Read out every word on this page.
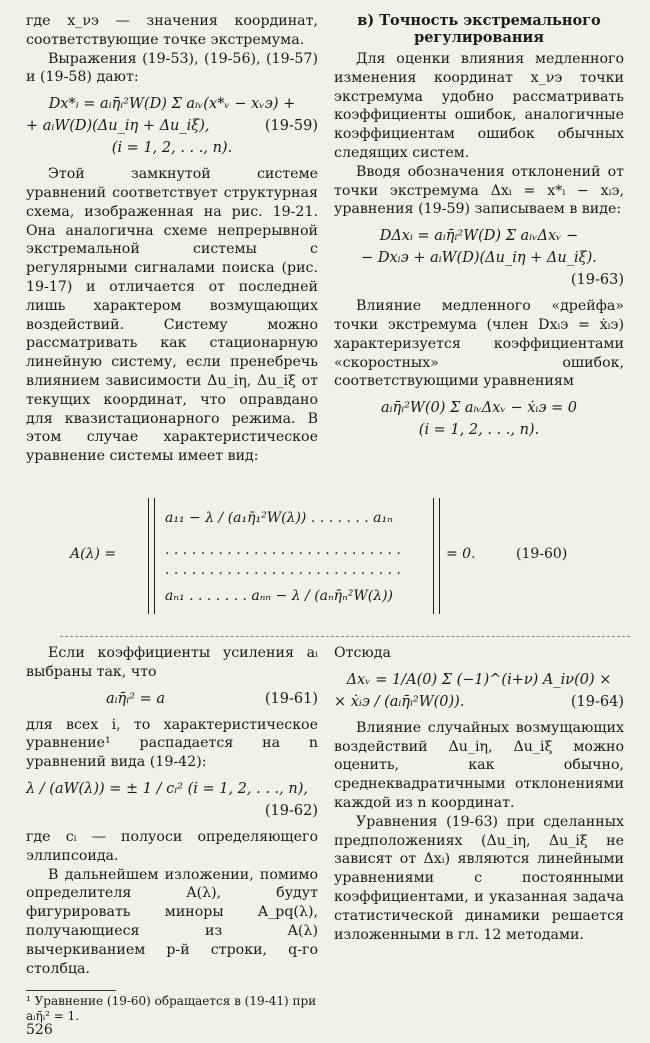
где x_νэ — значения координат, соответствующие точке экстремума.

Выражения (19-53), (19-56), (19-57) и (19-58) дают:

Dx*ᵢ = aᵢη̄ᵢ²W(D) Σ aᵢᵥ(x*ᵥ − xᵥэ) +
+ aᵢW(D)(Δu_iη + Δu_iξ),	(19-59)
(i = 1, 2, . . ., n).

Этой замкнутой системе уравнений соответствует структурная схема, изображенная на рис. 19-21. Она аналогична схеме непрерывной экстремальной системы с регулярными сигналами поиска (рис. 19-17) и отличается от последней лишь характером возмущающих воздействий. Систему можно рассматривать как стационарную линейную систему, если пренебречь влиянием зависимости Δu_iη, Δu_iξ от текущих координат, что оправдано для квазистационарного режима. В этом случае характеристическое уравнение системы имеет вид:

в) Точность экстремального регулирования

Для оценки влияния медленного изменения координат x_νэ точки экстремума удобно рассматривать коэффициенты ошибок, аналогичные коэффициентам ошибок обычных следящих систем.

Вводя обозначения отклонений от точки экстремума Δxᵢ = x*ᵢ − xᵢэ, уравнения (19-59) записываем в виде:

DΔxᵢ = aᵢη̄ᵢ²W(D) Σ aᵢᵥΔxᵥ −
− Dxᵢэ + aᵢW(D)(Δu_iη + Δu_iξ).
(19-63)

Влияние медленного «дрейфа» точки экстремума (член Dxᵢэ = ẋᵢэ) характеризуется коэффициентами «скоростных» ошибок, соответствующими уравнениям

aᵢη̄ᵢ²W(0) Σ aᵢᵥΔxᵥ − ẋᵢэ = 0
(i = 1, 2, . . ., n).
A(λ) =
a₁₁ − λ / (a₁η̄₁²W(λ)) . . . . . . . a₁ₙ
. . . . . . . . . . . . . . . . . . . . . . . . . . .
. . . . . . . . . . . . . . . . . . . . . . . . . . .
aₙ₁ . . . . . . . aₙₙ − λ / (aₙη̄ₙ²W(λ))
= 0.	(19-60)

Если коэффициенты усиления aᵢ выбраны так, что

aᵢη̄ᵢ² = a	(19-61)

для всех i, то характеристическое уравнение¹ распадается на n уравнений вида (19-42):

λ / (aW(λ)) = ± 1 / cᵢ² (i = 1, 2, . . ., n),
(19-62)

где cᵢ — полуоси определяющего эллипсоида.

В дальнейшем изложении, помимо определителя A(λ), будут фигурировать миноры A_pq(λ), получающиеся из A(λ) вычеркиванием p-й строки, q-го столбца.

Отсюда

Δxᵥ = 1/A(0) Σ (−1)^(i+ν) A_iν(0) ×
× ẋᵢэ / (aᵢη̄ᵢ²W(0)).	(19-64)

Влияние случайных возмущающих воздействий Δu_iη, Δu_iξ можно оценить, как обычно, среднеквадратичными отклонениями каждой из n координат.

Уравнения (19-63) при сделанных предположениях (Δu_iη, Δu_iξ не зависят от Δxᵢ) являются линейными уравнениями с постоянными коэффициентами, и указанная задача статистической динамики решается изложенными в гл. 12 методами.

¹ Уравнение (19-60) обращается в (19-41) при aᵢη̄ᵢ² = 1.
526
